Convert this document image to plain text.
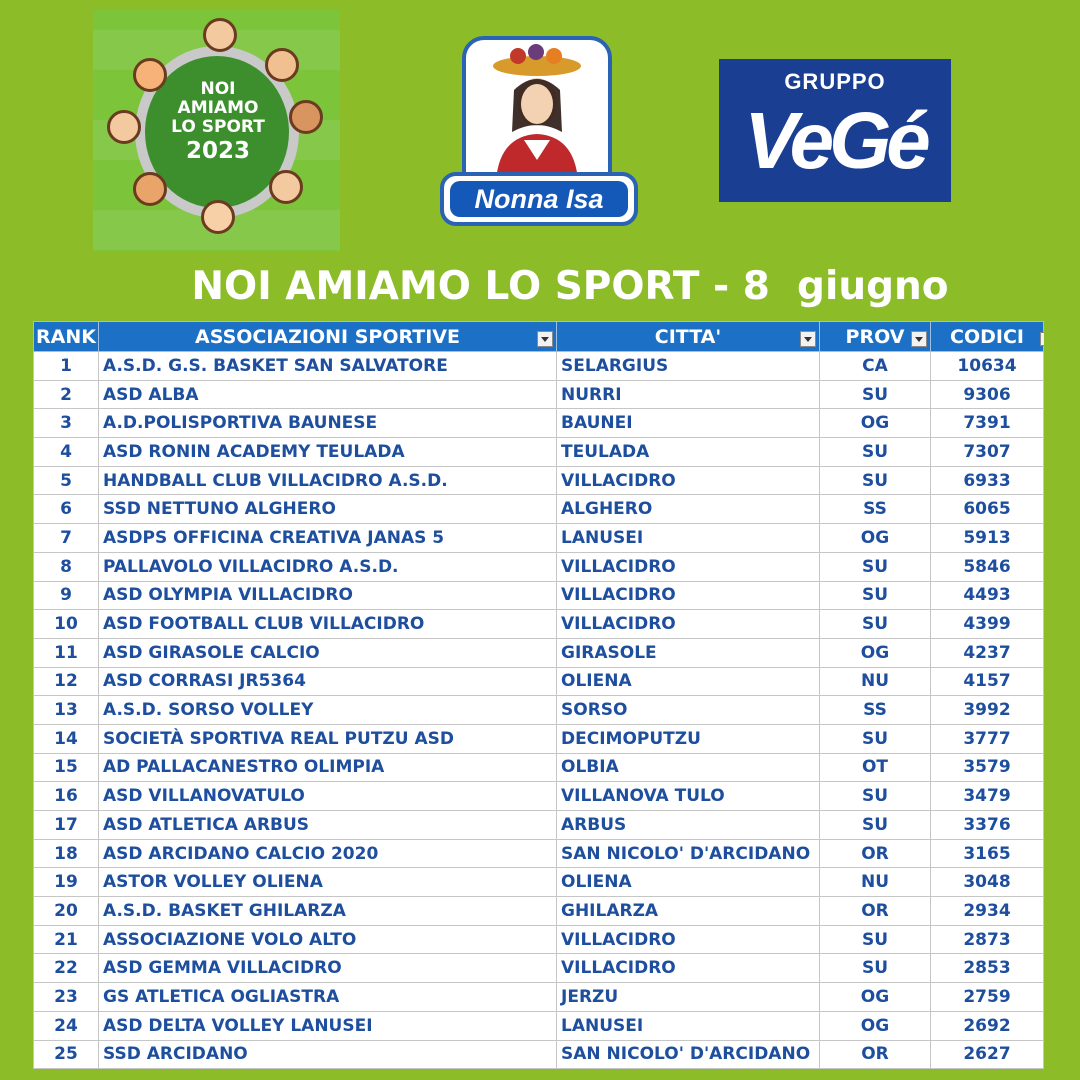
NOI
AMIAMO
LO SPORT
2023
Nonna Isa
GRUPPO
VeGé
NOI AMIAMO LO SPORT - 8  giugno
RANK	ASSOCIAZIONI SPORTIVE	CITTA'	PROV	CODICI

1	A.S.D. G.S. BASKET SAN SALVATORE	SELARGIUS	CA	10634
2	ASD ALBA	NURRI	SU	9306
3	A.D.POLISPORTIVA BAUNESE	BAUNEI	OG	7391
4	ASD RONIN ACADEMY TEULADA	TEULADA	SU	7307
5	HANDBALL CLUB VILLACIDRO A.S.D.	VILLACIDRO	SU	6933
6	SSD NETTUNO ALGHERO	ALGHERO	SS	6065
7	ASDPS OFFICINA CREATIVA JANAS 5	LANUSEI	OG	5913
8	PALLAVOLO VILLACIDRO A.S.D.	VILLACIDRO	SU	5846
9	ASD OLYMPIA VILLACIDRO	VILLACIDRO	SU	4493
10	ASD FOOTBALL CLUB VILLACIDRO	VILLACIDRO	SU	4399
11	ASD GIRASOLE CALCIO	GIRASOLE	OG	4237
12	ASD CORRASI JR5364	OLIENA	NU	4157
13	A.S.D. SORSO VOLLEY	SORSO	SS	3992
14	SOCIETÀ SPORTIVA REAL PUTZU ASD	DECIMOPUTZU	SU	3777
15	AD PALLACANESTRO OLIMPIA	OLBIA	OT	3579
16	ASD VILLANOVATULO	VILLANOVA TULO	SU	3479
17	ASD ATLETICA ARBUS	ARBUS	SU	3376
18	ASD ARCIDANO CALCIO 2020	SAN NICOLO' D'ARCIDANO	OR	3165
19	ASTOR VOLLEY OLIENA	OLIENA	NU	3048
20	A.S.D. BASKET GHILARZA	GHILARZA	OR	2934
21	ASSOCIAZIONE VOLO ALTO	VILLACIDRO	SU	2873
22	ASD GEMMA VILLACIDRO	VILLACIDRO	SU	2853
23	GS ATLETICA OGLIASTRA	JERZU	OG	2759
24	ASD DELTA VOLLEY LANUSEI	LANUSEI	OG	2692
25	SSD ARCIDANO	SAN NICOLO' D'ARCIDANO	OR	2627
